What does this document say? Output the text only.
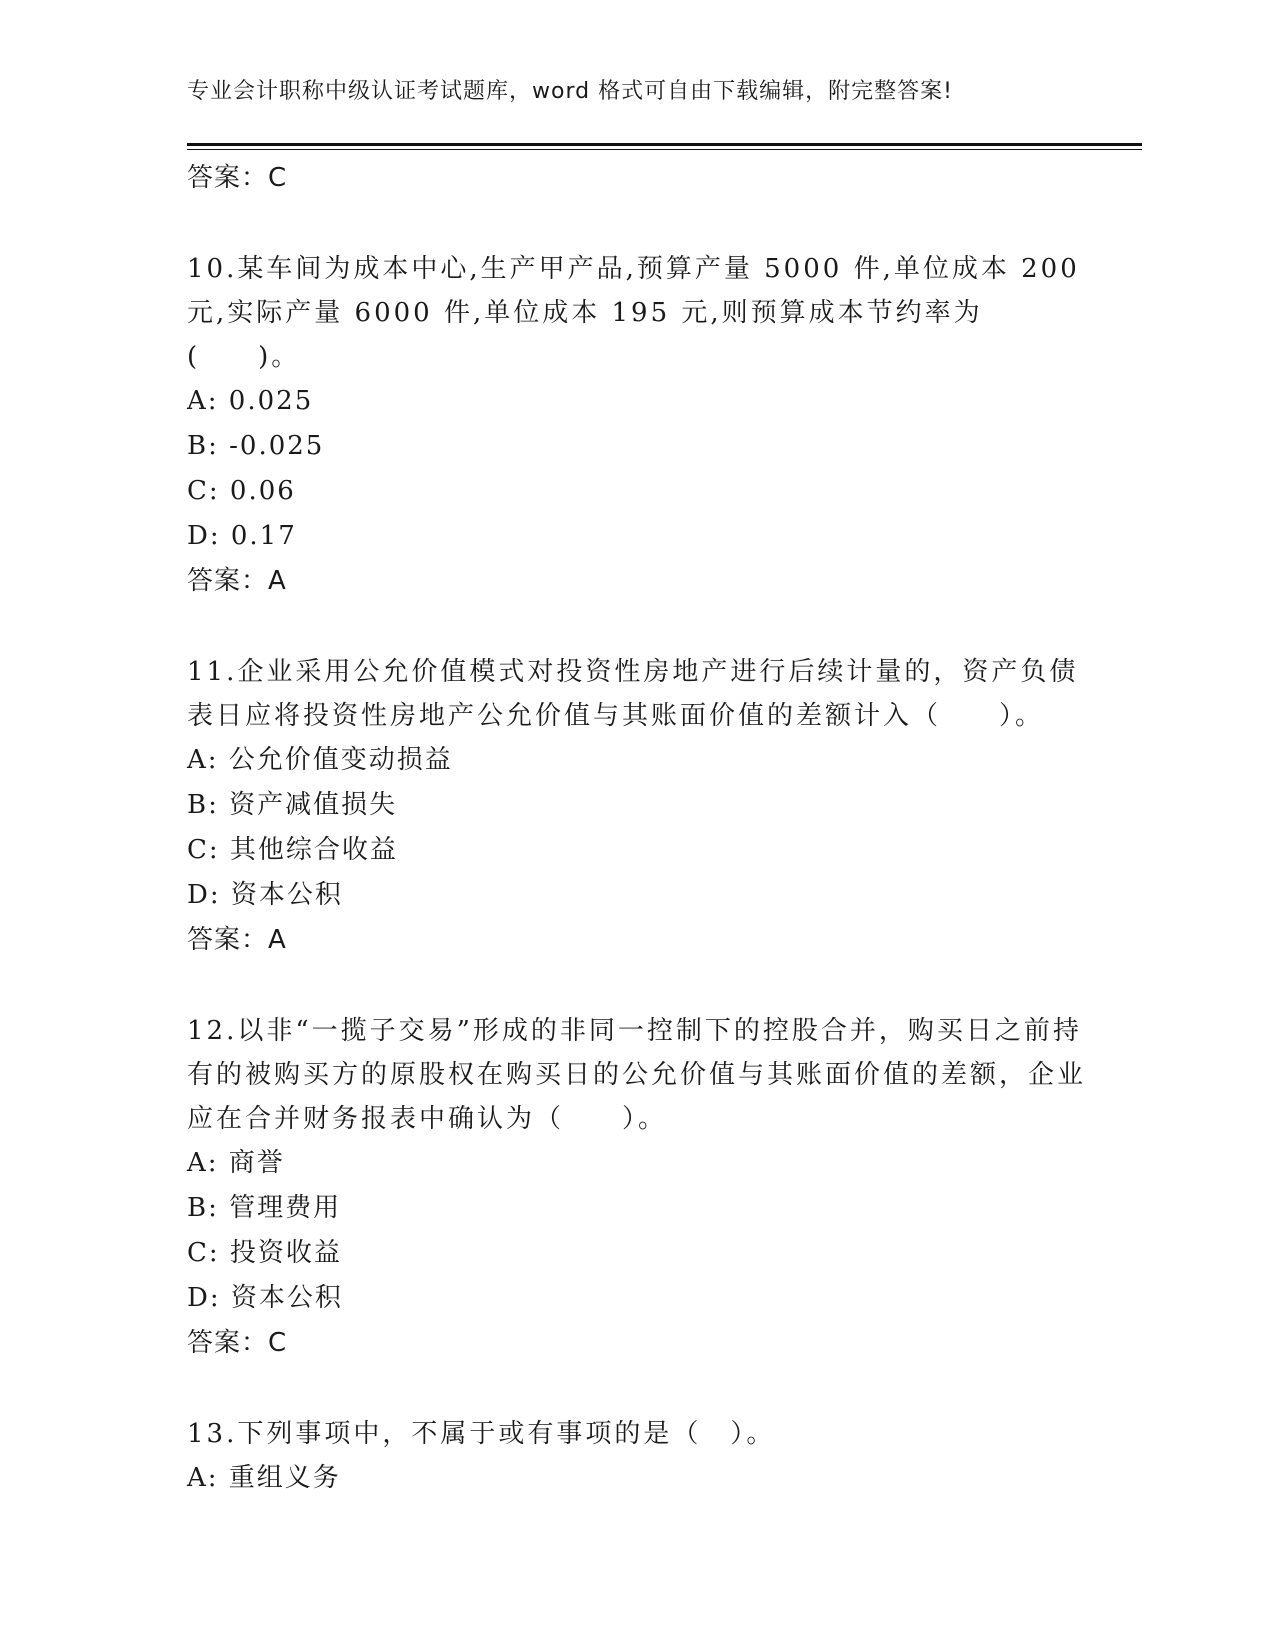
专业会计职称中级认证考试题库，word 格式可自由下载编辑，附完整答案!
答案：C
10.某车间为成本中心,生产甲产品,预算产量 5000 件,单位成本 200 元,实际产量 6000 件,单位成本 195 元,则预算成本节约率为(　　)。
A: 0.025
B: -0.025
C: 0.06
D: 0.17
答案：A
11.企业采用公允价值模式对投资性房地产进行后续计量的，资产负债表日应将投资性房地产公允价值与其账面价值的差额计入（　　）。
A: 公允价值变动损益
B: 资产减值损失
C: 其他综合收益
D: 资本公积
答案：A
12.以非“一揽子交易”形成的非同一控制下的控股合并，购买日之前持有的被购买方的原股权在购买日的公允价值与其账面价值的差额，企业应在合并财务报表中确认为（　　）。
A: 商誉
B: 管理费用
C: 投资收益
D: 资本公积
答案：C
13.下列事项中，不属于或有事项的是（　）。
A: 重组义务
